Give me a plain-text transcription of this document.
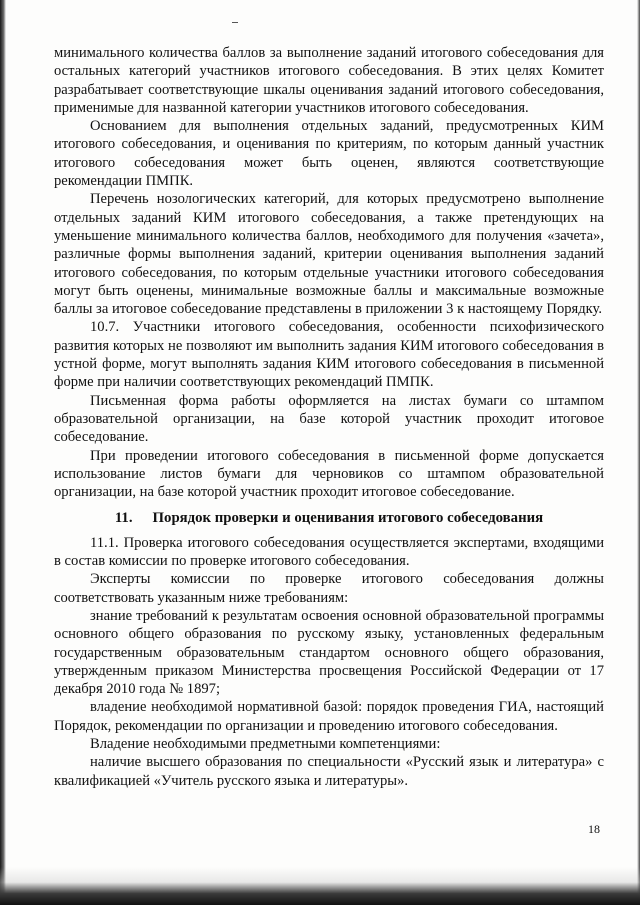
минимального количества баллов за выполнение заданий итогового собеседования для остальных категорий участников итогового собеседования. В этих целях Комитет разрабатывает соответствующие шкалы оценивания заданий итогового собеседования, применимые для названной категории участников итогового собеседования.

Основанием для выполнения отдельных заданий, предусмотренных КИМ итогового собеседования, и оценивания по критериям, по которым данный участник итогового собеседования может быть оценен, являются соответствующие рекомендации ПМПК.

Перечень нозологических категорий, для которых предусмотрено выполнение отдельных заданий КИМ итогового собеседования, а также претендующих на уменьшение минимального количества баллов, необходимого для получения «зачета», различные формы выполнения заданий, критерии оценивания выполнения заданий итогового собеседования, по которым отдельные участники итогового собеседования могут быть оценены, минимальные возможные баллы и максимальные возможные баллы за итоговое собеседование представлены в приложении 3 к настоящему Порядку.

10.7. Участники итогового собеседования, особенности психофизического развития которых не позволяют им выполнить задания КИМ итогового собеседования в устной форме, могут выполнять задания КИМ итогового собеседования в письменной форме при наличии соответствующих рекомендаций ПМПК.

Письменная форма работы оформляется на листах бумаги со штампом образовательной организации, на базе которой участник проходит итоговое собеседование.

При проведении итогового собеседования в письменной форме допускается использование листов бумаги для черновиков со штампом образовательной организации, на базе которой участник проходит итоговое собеседование.

11. Порядок проверки и оценивания итогового собеседования

11.1. Проверка итогового собеседования осуществляется экспертами, входящими в состав комиссии по проверке итогового собеседования.

Эксперты комиссии по проверке итогового собеседования должны соответствовать указанным ниже требованиям:

знание требований к результатам освоения основной образовательной программы основного общего образования по русскому языку, установленных федеральным государственным образовательным стандартом основного общего образования, утвержденным приказом Министерства просвещения Российской Федерации от 17 декабря 2010 года № 1897;

владение необходимой нормативной базой: порядок проведения ГИА, настоящий Порядок, рекомендации по организации и проведению итогового собеседования.

Владение необходимыми предметными компетенциями:

наличие высшего образования по специальности «Русский язык и литература» с квалификацией «Учитель русского языка и литературы».

18
